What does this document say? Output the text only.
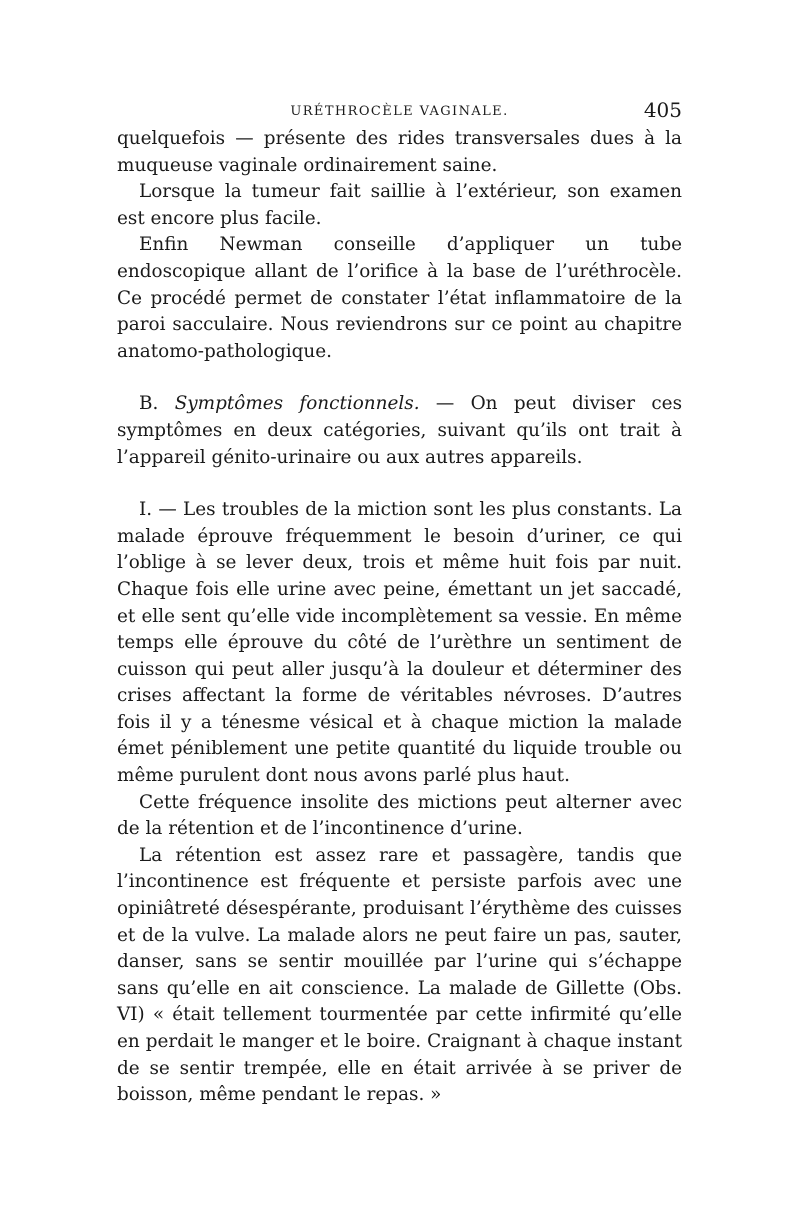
URÉTHROCÈLE VAGINALE.	405

quelquefois — présente des rides transversales dues à la muqueuse vaginale ordinairement saine.

Lorsque la tumeur fait saillie à l’extérieur, son examen est encore plus facile.

Enfin Newman conseille d’appliquer un tube endoscopique allant de l’orifice à la base de l’uréthrocèle. Ce procédé permet de constater l’état inflammatoire de la paroi sacculaire. Nous reviendrons sur ce point au chapitre anatomo-pathologique.

B. Symptômes fonctionnels. — On peut diviser ces symptômes en deux catégories, suivant qu’ils ont trait à l’appareil génito-urinaire ou aux autres appareils.

I. — Les troubles de la miction sont les plus constants. La malade éprouve fréquemment le besoin d’uriner, ce qui l’oblige à se lever deux, trois et même huit fois par nuit. Chaque fois elle urine avec peine, émettant un jet saccadé, et elle sent qu’elle vide incomplètement sa vessie. En même temps elle éprouve du côté de l’urèthre un sentiment de cuisson qui peut aller jusqu’à la douleur et déterminer des crises affectant la forme de véritables névroses. D’autres fois il y a ténesme vésical et à chaque miction la malade émet péniblement une petite quantité du liquide trouble ou même purulent dont nous avons parlé plus haut.

Cette fréquence insolite des mictions peut alterner avec de la rétention et de l’incontinence d’urine.

La rétention est assez rare et passagère, tandis que l’incontinence est fréquente et persiste parfois avec une opiniâtreté désespérante, produisant l’érythème des cuisses et de la vulve. La malade alors ne peut faire un pas, sauter, danser, sans se sentir mouillée par l’urine qui s’échappe sans qu’elle en ait conscience. La malade de Gillette (Obs. VI) « était tellement tourmentée par cette infirmité qu’elle en perdait le manger et le boire. Craignant à chaque instant de se sentir trempée, elle en était arrivée à se priver de boisson, même pendant le repas. »
